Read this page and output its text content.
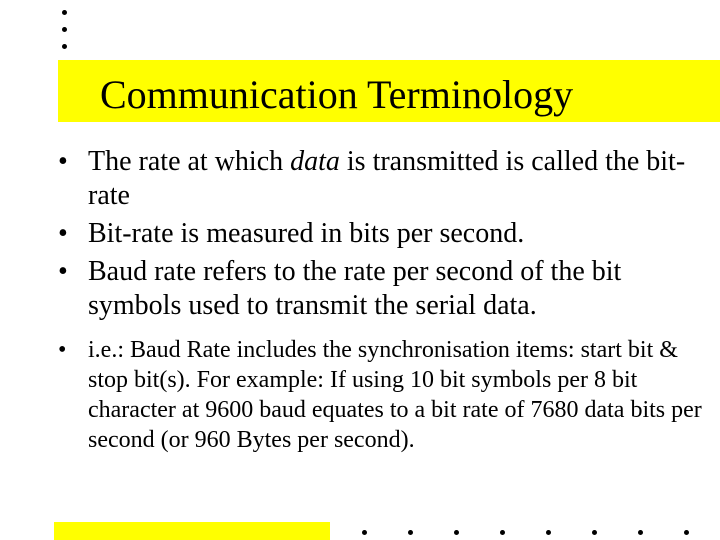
Communication Terminology
• The rate at which data is transmitted is called the bit-rate
• Bit-rate is measured in bits per second.
• Baud rate refers to the rate per second of the bit symbols used to transmit the serial data.
• i.e.: Baud Rate includes the synchronisation items: start bit & stop bit(s). For example: If using 10 bit symbols per 8 bit character at 9600 baud equates to a bit rate of 7680 data bits per second (or 960 Bytes per second).
